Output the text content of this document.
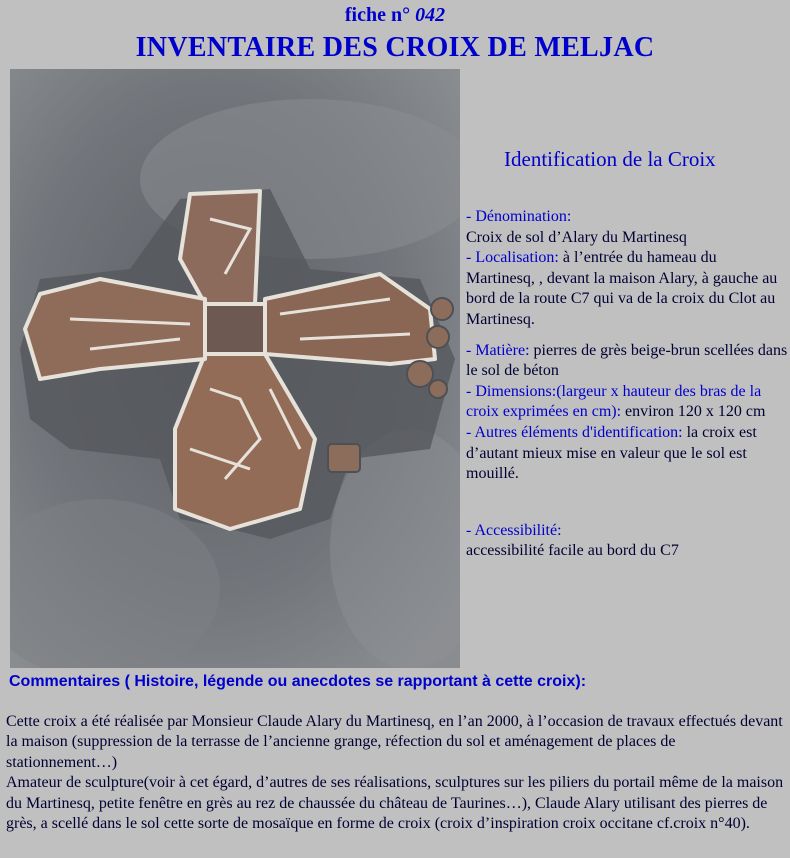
fiche n° 042
INVENTAIRE DES CROIX DE MELJAC
Identification de la Croix
- Dénomination:
Croix de sol d’Alary du Martinesq
- Localisation: à l’entrée du hameau du Martinesq, , devant la maison Alary, à gauche au bord de la route C7 qui va de la croix du Clot au Martinesq.
- Matière: pierres de grès beige-brun scellées dans le sol de béton
- Dimensions:(largeur x hauteur des bras de la croix exprimées en cm): environ 120 x 120 cm
- Autres éléments d'identification: la croix est d’autant mieux mise en valeur que le sol est mouillé.
- Accessibilité:
accessibilité facile au bord du C7
Commentaires ( Histoire, légende ou anecdotes se rapportant à cette croix):
Cette croix a été réalisée par Monsieur Claude Alary du Martinesq, en l’an 2000, à l’occasion de travaux effectués devant la maison (suppression de la terrasse de l’ancienne grange, réfection du sol et aménagement de places de stationnement…)
Amateur de sculpture(voir à cet égard, d’autres de ses réalisations, sculptures sur les piliers du portail même de la maison du Martinesq, petite fenêtre en grès au rez de chaussée du château de Taurines…), Claude Alary utilisant des pierres de grès, a scellé dans le sol cette sorte de mosaïque en forme de croix (croix d’inspiration croix occitane cf.croix n°40).
